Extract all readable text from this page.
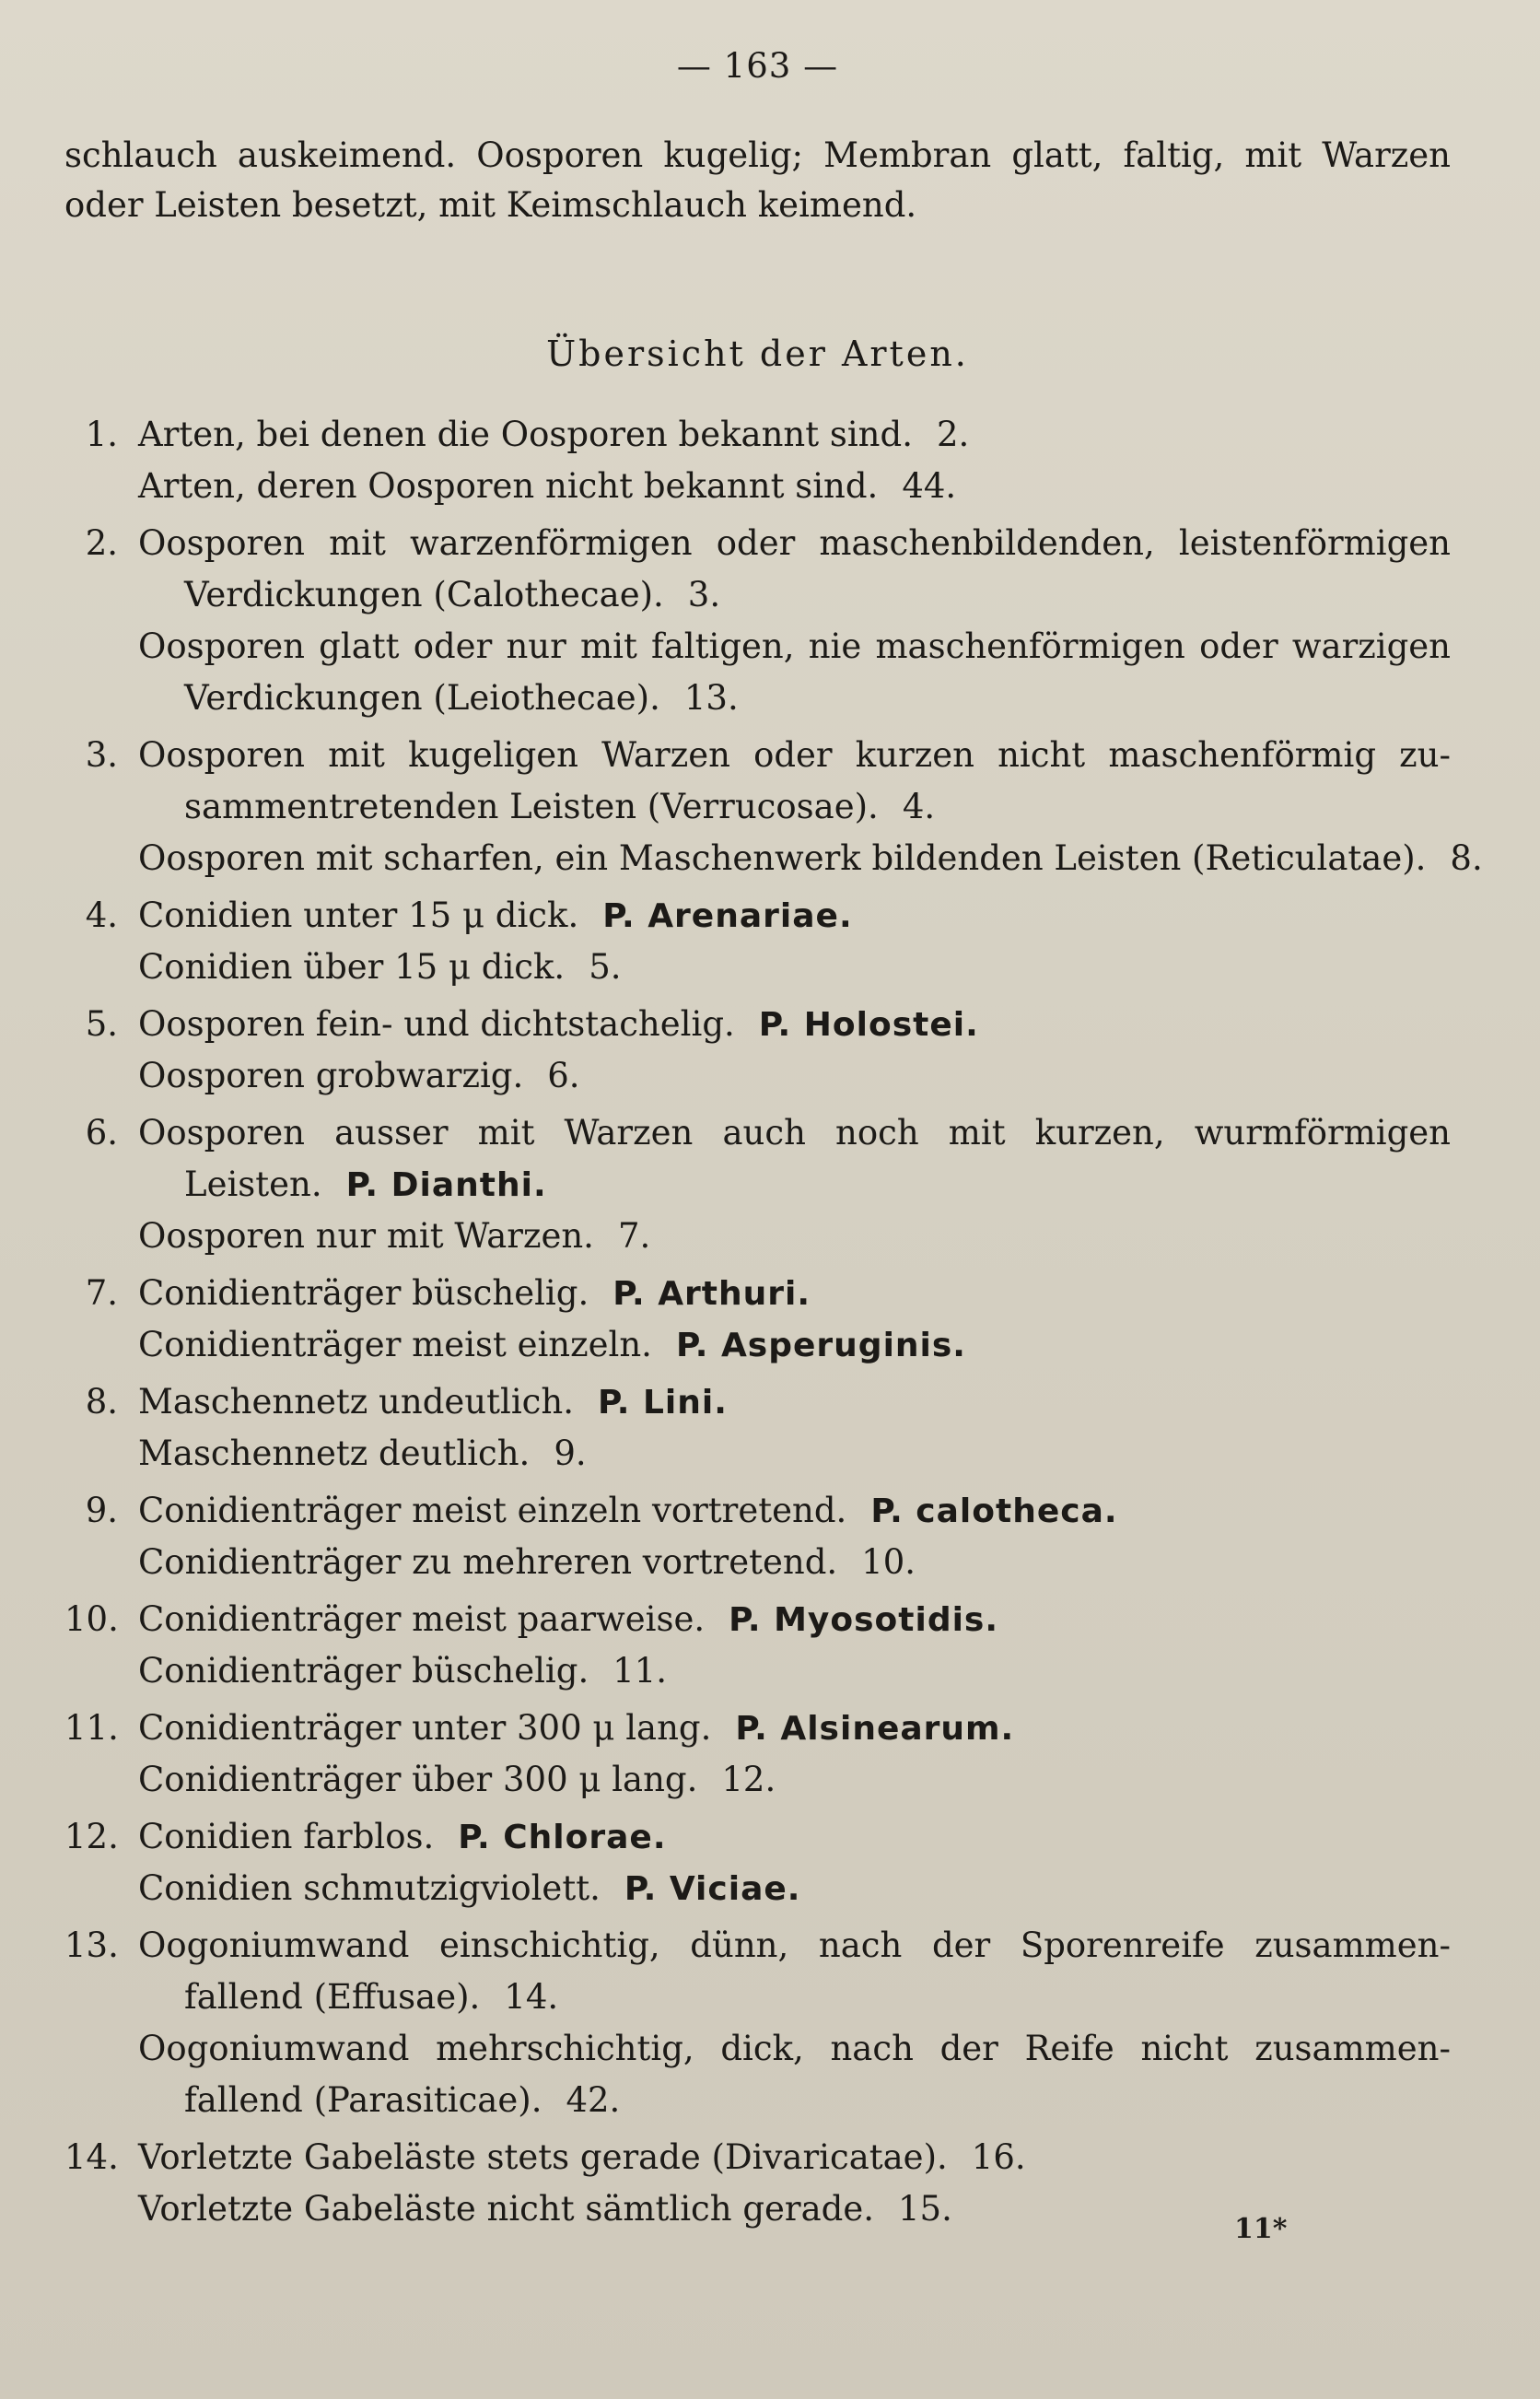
— 163 —
schlauch auskeimend. Oosporen kugelig; Membran glatt, faltig, mit Warzen oder Leisten besetzt, mit Keimschlauch keimend.
Übersicht der Arten.
1. Arten, bei denen die Oosporen bekannt sind. 2.
Arten, deren Oosporen nicht bekannt sind. 44.
2. Oosporen mit warzenförmigen oder maschenbildenden, leistenförmigen
Verdickungen (Calothecae). 3.
Oosporen glatt oder nur mit faltigen, nie maschenförmigen oder warzigen
Verdickungen (Leiothecae). 13.
3. Oosporen mit kugeligen Warzen oder kurzen nicht maschenförmig zu-
sammentretenden Leisten (Verrucosae). 4.
Oosporen mit scharfen, ein Maschenwerk bildenden Leisten (Reticulatae). 8.
4. Conidien unter 15 μ dick. P. Arenariae.
Conidien über 15 μ dick. 5.
5. Oosporen fein- und dichtstachelig. P. Holostei.
Oosporen grobwarzig. 6.
6. Oosporen ausser mit Warzen auch noch mit kurzen, wurmförmigen
Leisten. P. Dianthi.
Oosporen nur mit Warzen. 7.
7. Conidienträger büschelig. P. Arthuri.
Conidienträger meist einzeln. P. Asperuginis.
8. Maschennetz undeutlich. P. Lini.
Maschennetz deutlich. 9.
9. Conidienträger meist einzeln vortretend. P. calotheca.
Conidienträger zu mehreren vortretend. 10.
10. Conidienträger meist paarweise. P. Myosotidis.
Conidienträger büschelig. 11.
11. Conidienträger unter 300 μ lang. P. Alsinearum.
Conidienträger über 300 μ lang. 12.
12. Conidien farblos. P. Chlorae.
Conidien schmutzigviolett. P. Viciae.
13. Oogoniumwand einschichtig, dünn, nach der Sporenreife zusammen-
fallend (Effusae). 14.
Oogoniumwand mehrschichtig, dick, nach der Reife nicht zusammen-
fallend (Parasiticae). 42.
14. Vorletzte Gabeläste stets gerade (Divaricatae). 16.
Vorletzte Gabeläste nicht sämtlich gerade. 15.
11*
